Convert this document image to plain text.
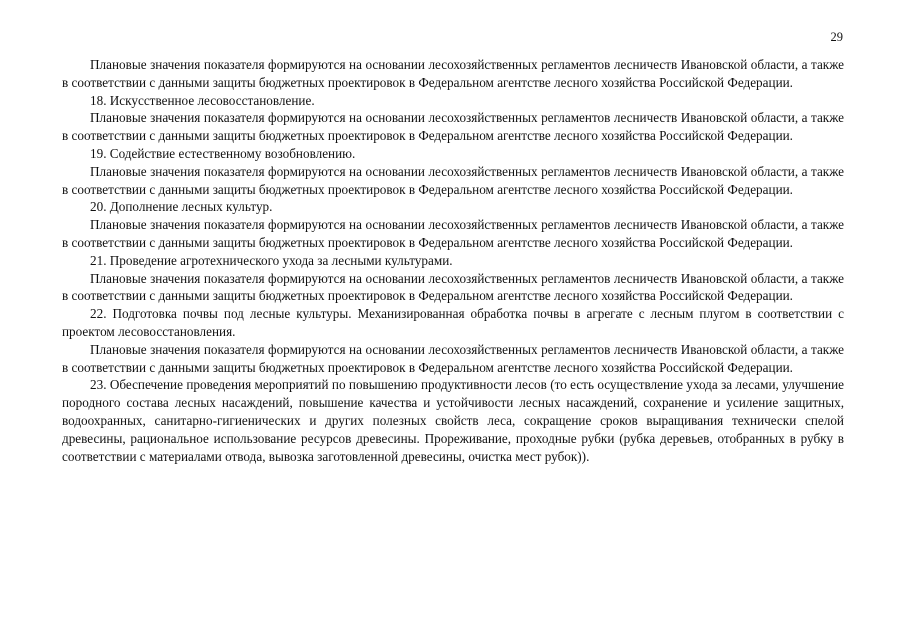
29

Плановые значения показателя формируются на основании лесохозяйственных регламентов лесничеств Ивановской области, а также в соответствии с данными защиты бюджетных проектировок в Федеральном агентстве лесного хозяйства Российской Федерации.

18. Искусственное лесовосстановление.

Плановые значения показателя формируются на основании лесохозяйственных регламентов лесничеств Ивановской области, а также в соответствии с данными защиты бюджетных проектировок в Федеральном агентстве лесного хозяйства Российской Федерации.

19. Содействие естественному возобновлению.

Плановые значения показателя формируются на основании лесохозяйственных регламентов лесничеств Ивановской области, а также в соответствии с данными защиты бюджетных проектировок в Федеральном агентстве лесного хозяйства Российской Федерации.

20. Дополнение лесных культур.

Плановые значения показателя формируются на основании лесохозяйственных регламентов лесничеств Ивановской области, а также в соответствии с данными защиты бюджетных проектировок в Федеральном агентстве лесного хозяйства Российской Федерации.

21. Проведение агротехнического ухода за лесными культурами.

Плановые значения показателя формируются на основании лесохозяйственных регламентов лесничеств Ивановской области, а также в соответствии с данными защиты бюджетных проектировок в Федеральном агентстве лесного хозяйства Российской Федерации.

22. Подготовка почвы под лесные культуры. Механизированная обработка почвы в агрегате с лесным плугом в соответствии с проектом лесовосстановления.

Плановые значения показателя формируются на основании лесохозяйственных регламентов лесничеств Ивановской области, а также в соответствии с данными защиты бюджетных проектировок в Федеральном агентстве лесного хозяйства Российской Федерации.

23. Обеспечение проведения мероприятий по повышению продуктивности лесов (то есть осуществление ухода за лесами, улучшение породного состава лесных насаждений, повышение качества и устойчивости лесных насаждений, сохранение и усиление защитных, водоохранных, санитарно-гигиенических и других полезных свойств леса, сокращение сроков выращивания технически спелой древесины, рациональное использование ресурсов древесины. Прореживание, проходные рубки (рубка деревьев, отобранных в рубку в соответствии с материалами отвода, вывозка заготовленной древесины, очистка мест рубок)).
